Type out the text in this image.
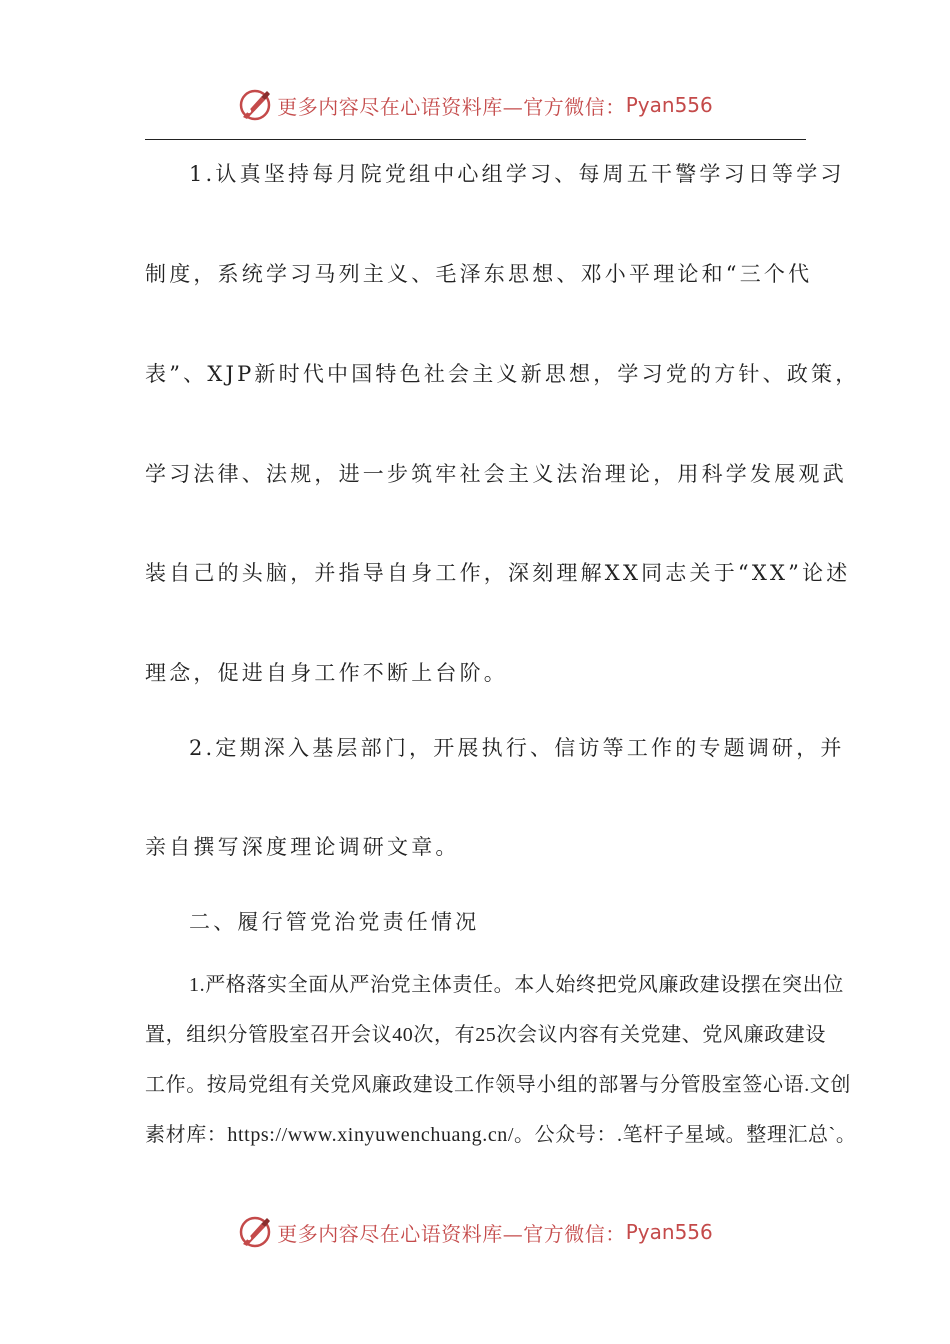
更多内容尽在心语资料库—官方微信： Pyan556
1.认真坚持每月院党组中心组学习、每周五干警学习日等学习
制度，系统学习马列主义、毛泽东思想、邓小平理论和“三个代
表”、XJP新时代中国特色社会主义新思想，学习党的方针、政策，
学习法律、法规，进一步筑牢社会主义法治理论，用科学发展观武
装自己的头脑，并指导自身工作，深刻理解XX同志关于“XX”论述
理念，促进自身工作不断上台阶。
2.定期深入基层部门，开展执行、信访等工作的专题调研，并
亲自撰写深度理论调研文章。
二、履行管党治党责任情况
1.严格落实全面从严治党主体责任。本人始终把党风廉政建设摆在突出位
置，组织分管股室召开会议40次，有25次会议内容有关党建、党风廉政建设
工作。按局党组有关党风廉政建设工作领导小组的部署与分管股室签心语.文创
素材库：https://www.xinyuwenchuang.cn/。公众号：.笔杆子星域。整理汇总`。
更多内容尽在心语资料库—官方微信： Pyan556
